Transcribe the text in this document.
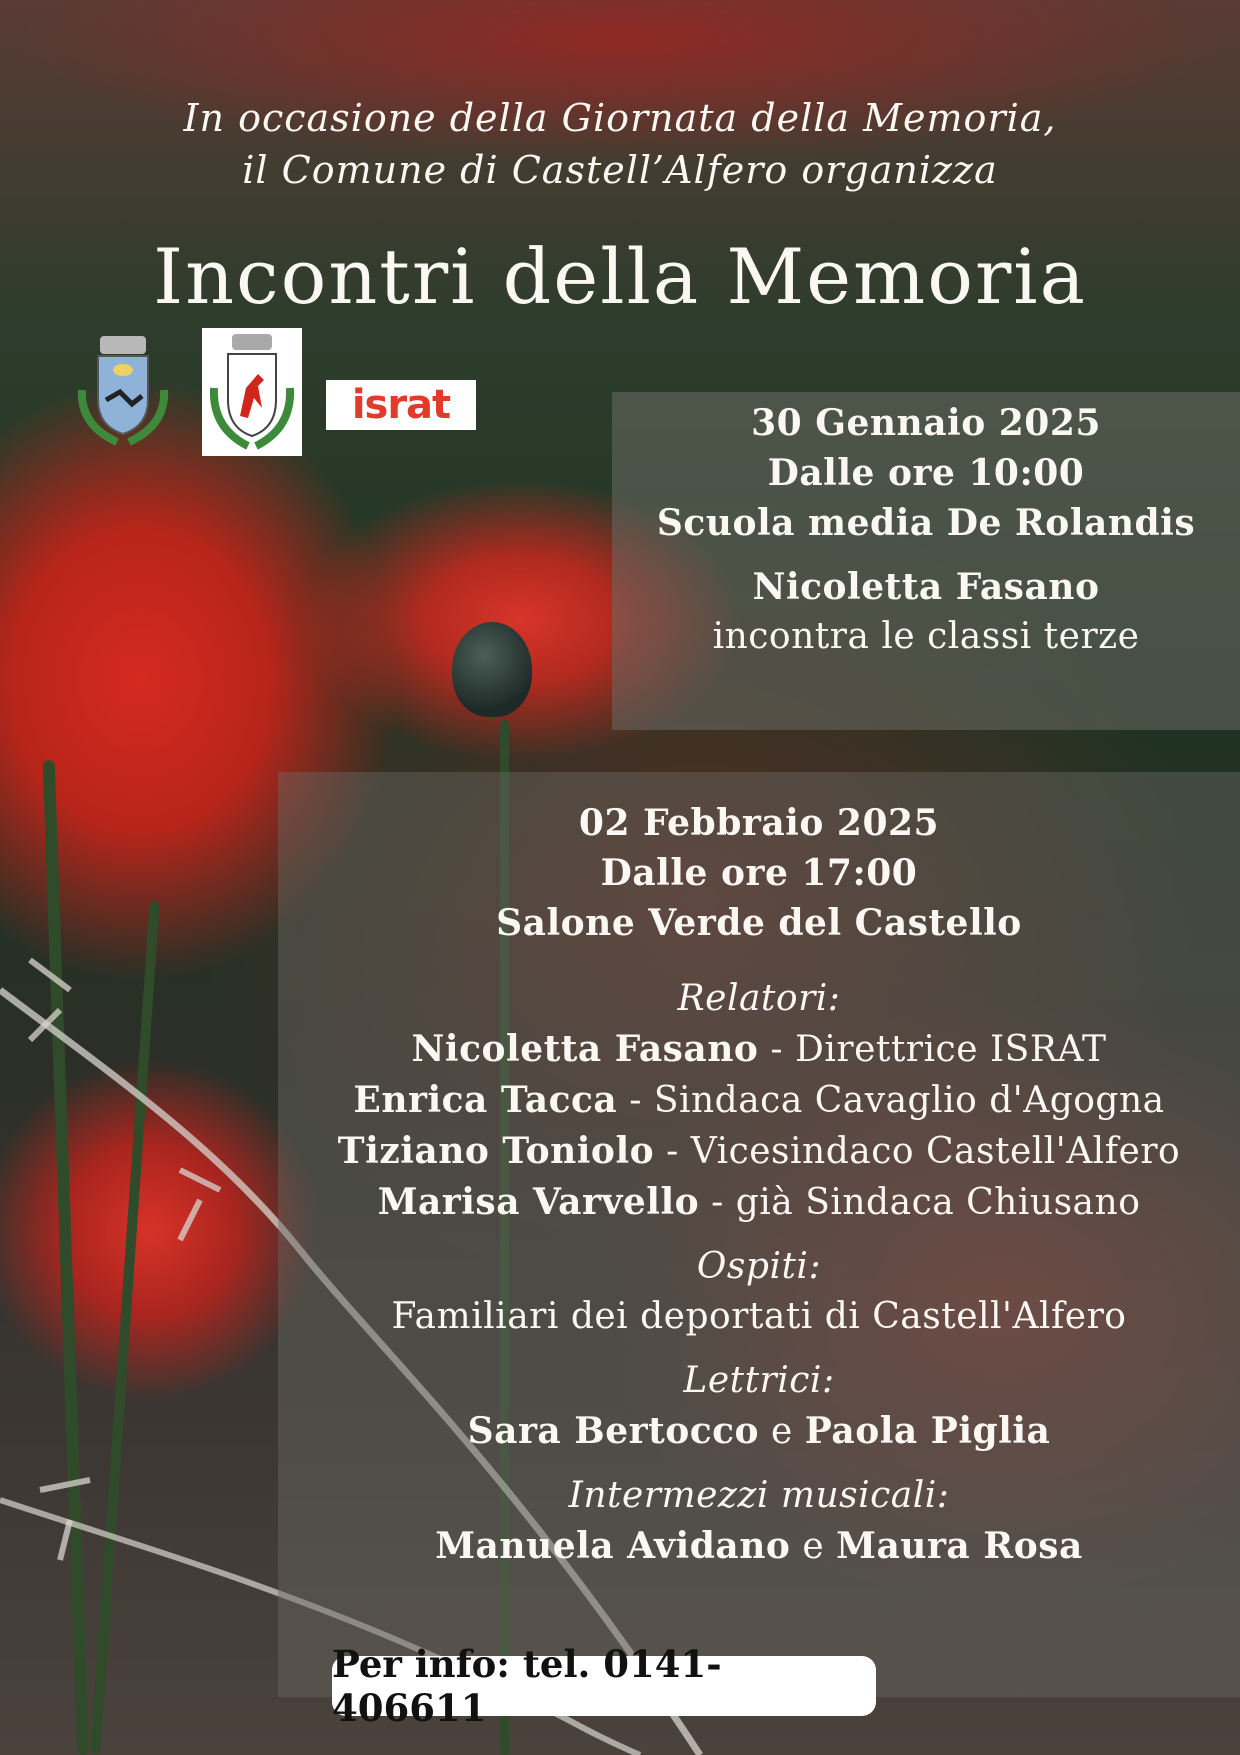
In occasione della Giornata della Memoria,
il Comune di Castell’Alfero organizza
Incontri della Memoria
israt	30 Gennaio 2025
Dalle ore 10:00
Scuola media De Rolandis
Nicoletta Fasano
incontra le classi terze
02 Febbraio 2025
Dalle ore 17:00
Salone Verde del Castello
Relatori:
Nicoletta Fasano - Direttrice ISRAT
Enrica Tacca - Sindaca Cavaglio d'Agogna
Tiziano Toniolo - Vicesindaco Castell'Alfero
Marisa Varvello - già Sindaca Chiusano
Ospiti:
Familiari dei deportati di Castell'Alfero
Lettrici:
Sara Bertocco e Paola Piglia
Intermezzi musicali:
Manuela Avidano e Maura Rosa
Per info: tel. 0141-406611
